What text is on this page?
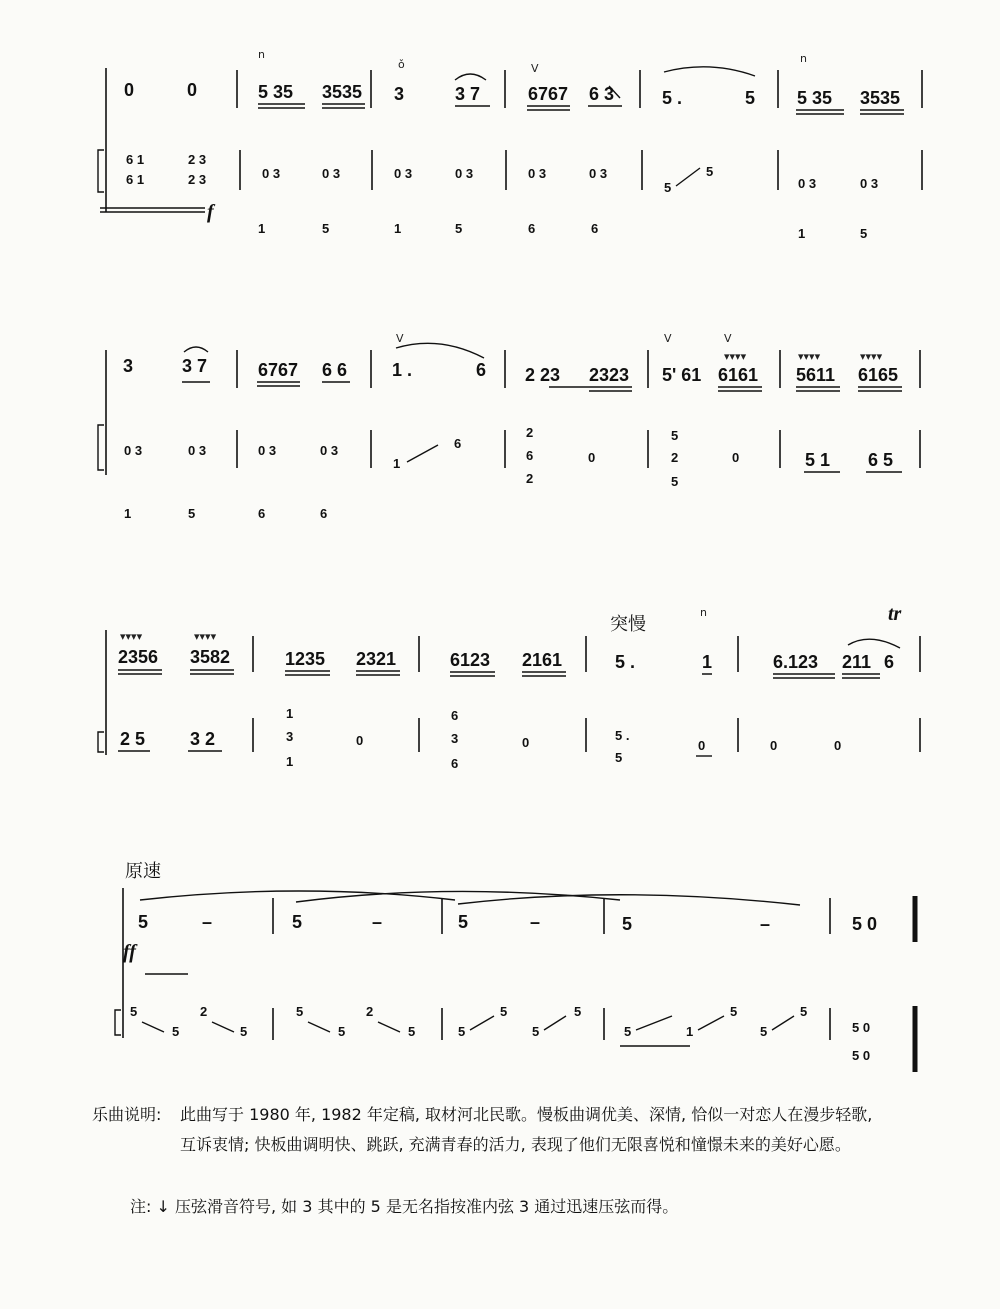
0	0	5 35 3535 3	3 7	6767 6 3	5 .	5 5 35 3535
n
ǒ	V
n
6 1
6 1
2 3
2 3	0 3	0 3	0 3	0 3	0 3	0 3
5
5
0 3	0 3
f
1	5	1	5	6	6	1	5
3	3 7	6767 6 6 1 .	6 2 23 2323 5' 61 6161 5611 6165
V	V	V
▾▾▾▾	▾▾▾▾	▾▾▾▾
0 3	0 3	0 3	0 3
1
6
2
6
2
0
5
2
5
0	5 1 6 5
1	5	6	6
2356 3582	1235 2321	6123 2161	5 .	1	6.123 211 6
▾▾▾▾	▾▾▾▾
n	tr
2 5 3 2
1
3
1
0
6
3
6
0	5 .
5
0	0	0
5	–	5	–	5	–	5	–	5 0
ff
5
5
2
5
5
5
2
5	5
5
5
5
5	1
5
5
5
5 0
5 0
突慢
原速
乐曲说明: 此曲写于 1980 年, 1982 年定稿, 取材河北民歌。慢板曲调优美、深情, 恰似一对恋人在漫步轻歌,
互诉衷情; 快板曲调明快、跳跃, 充满青春的活力, 表现了他们无限喜悦和憧憬未来的美好心愿。
注: ↓ 压弦滑音符号, 如 3 其中的 5 是无名指按准内弦 3 通过迅速压弦而得。
